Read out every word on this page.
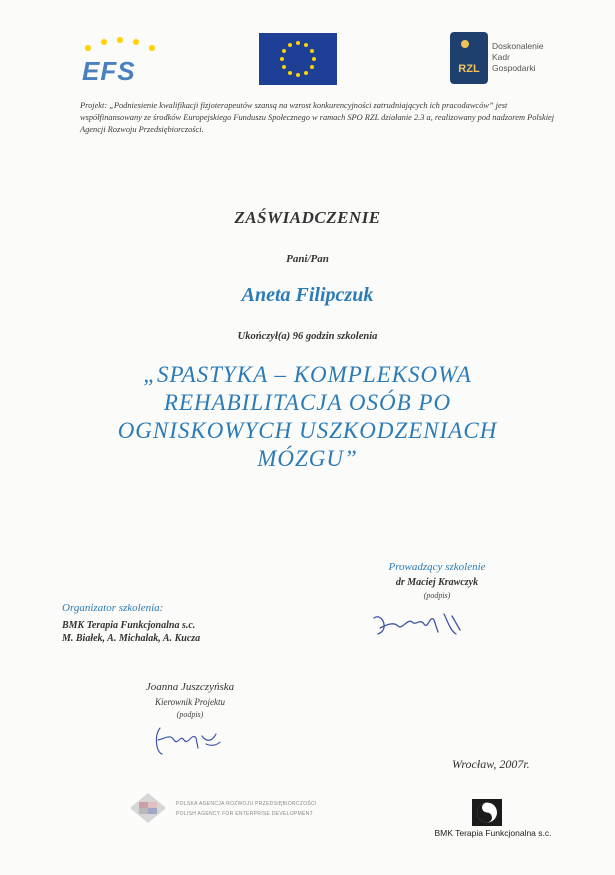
EFS	RZL
Doskonalenie
Kadr
Gospodarki
Projekt: „Podniesienie kwalifikacji fizjoterapeutów szansą na wzrost konkurencyjności zatrudniających ich pracodawców” jest współfinansowany ze środków Europejskiego Funduszu Społecznego w ramach SPO RZL działanie 2.3 a, realizowany pod nadzorem Polskiej Agencji Rozwoju Przedsiębiorczości.
ZAŚWIADCZENIE
Pani/Pan
Aneta Filipczuk
Ukończył(a) 96 godzin szkolenia
„SPASTYKA – KOMPLEKSOWA REHABILITACJA OSÓB PO OGNISKOWYCH USZKODZENIACH MÓZGU”
Prowadzący szkolenie
dr Maciej Krawczyk
(podpis)
Organizator szkolenia:
BMK Terapia Funkcjonalna s.c.
M. Białek, A. Michalak, A. Kucza
Joanna Juszczyńska
Kierownik Projektu
(podpis)
Wrocław, 2007r.
POLSKA AGENCJA ROZWOJU PRZEDSIĘBIORCZOŚCI
POLISH AGENCY FOR ENTERPRISE DEVELOPMENT
BMK Terapia Funkcjonalna s.c.
